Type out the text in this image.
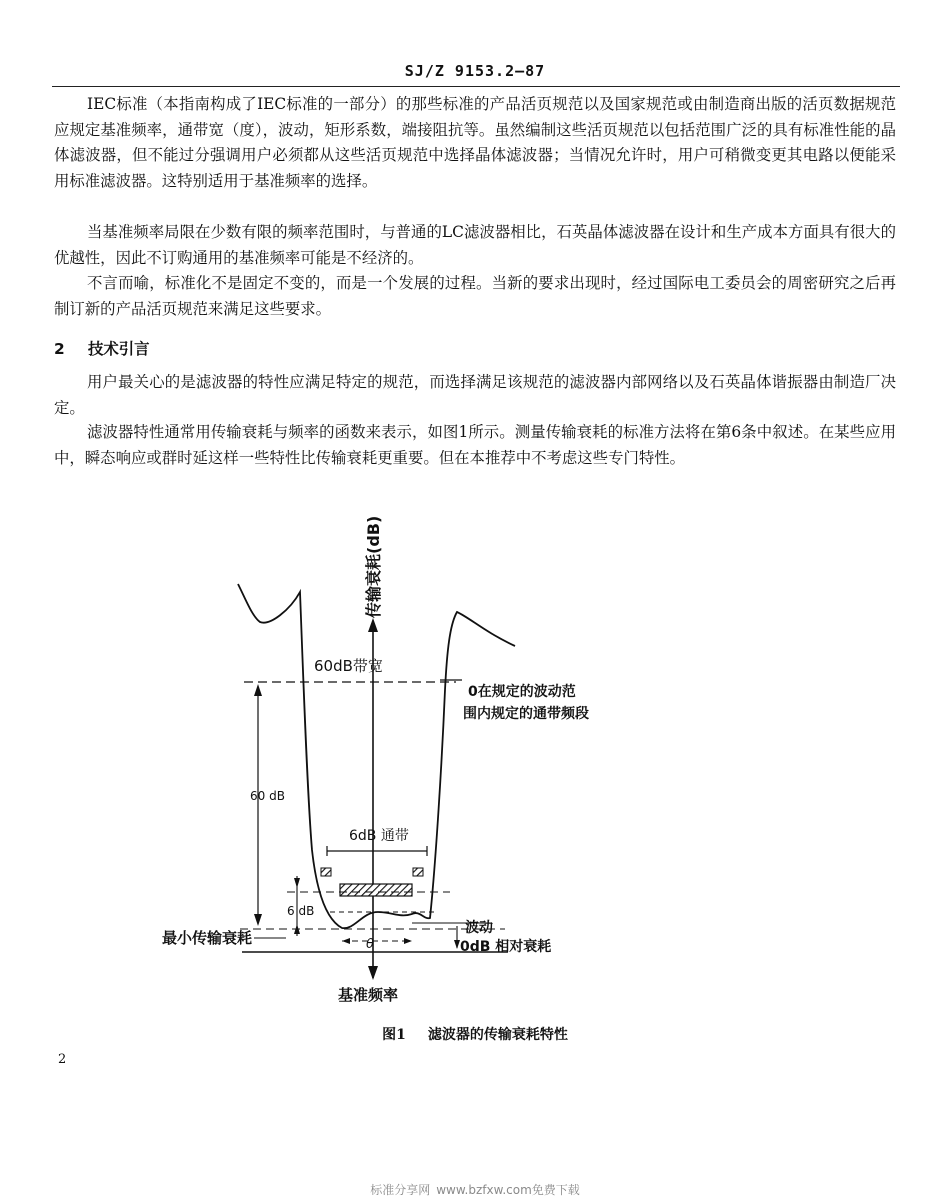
SJ/Z 9153.2—87

IEC标准（本指南构成了IEC标准的一部分）的那些标准的产品活页规范以及国家规范或由制造商出版的活页数据规范应规定基准频率，通带宽（度），波动，矩形系数，端接阻抗等。虽然编制这些活页规范以包括范围广泛的具有标准性能的晶体滤波器，但不能过分强调用户必须都从这些活页规范中选择晶体滤波器；当情况允许时，用户可稍微变更其电路以便能采用标准滤波器。这特别适用于基准频率的选择。

当基准频率局限在少数有限的频率范围时，与普通的LC滤波器相比，石英晶体滤波器在设计和生产成本方面具有很大的优越性，因此不订购通用的基准频率可能是不经济的。

不言而喻，标准化不是固定不变的，而是一个发展的过程。当新的要求出现时，经过国际电工委员会的周密研究之后再制订新的产品活页规范来满足这些要求。

2 技术引言

用户最关心的是滤波器的特性应满足特定的规范，而选择满足该规范的滤波器内部网络以及石英晶体谐振器由制造厂决定。

滤波器特性通常用传输衰耗与频率的函数来表示，如图1所示。测量传输衰耗的标准方法将在第6条中叙述。在某些应用中，瞬态响应或群时延这样一些特性比传输衰耗更重要。但在本推荐中不考虑这些专门特性。

传输衰耗(dB)
60dB带宽
0在规定的波动范
围内规定的通带频段
60 dB
6dB 通带
6 dB
波动
θ
最小传输衰耗	0dB 相对衰耗
基准频率
图1 滤波器的传输衰耗特性
2
标准分享网 www.bzfxw.com免费下载
